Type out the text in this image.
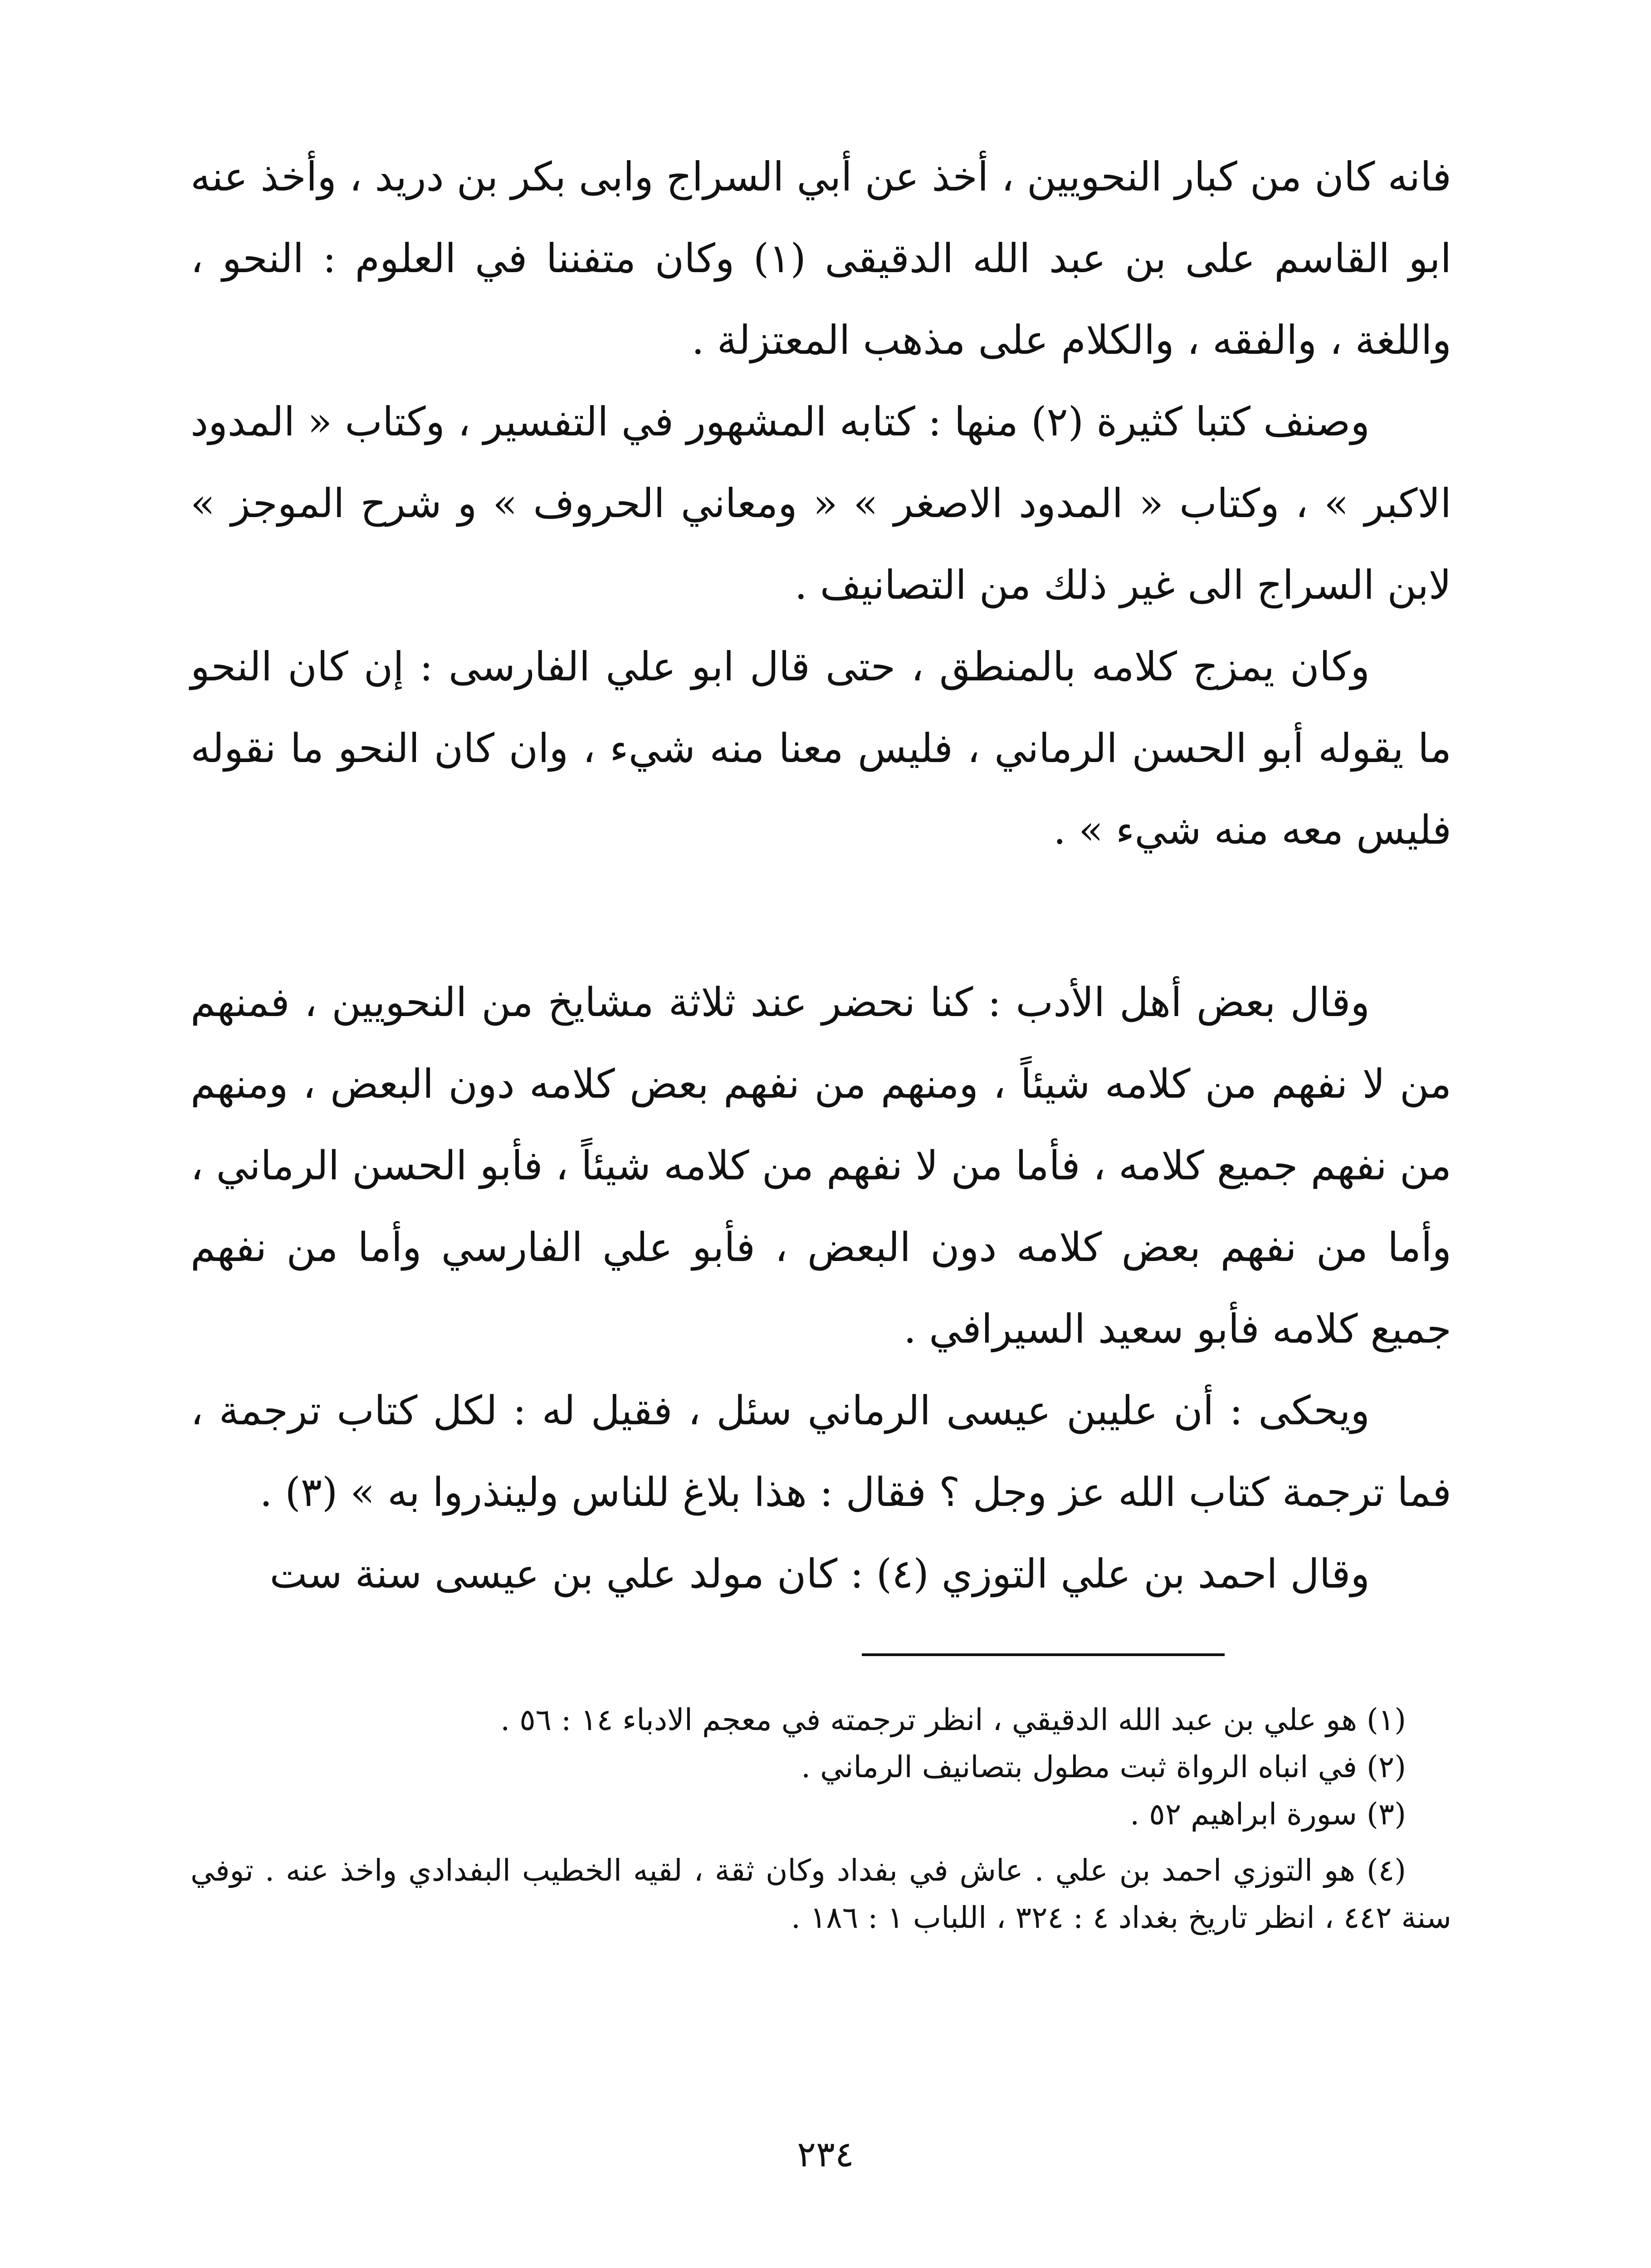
فانه كان من كبار النحويين ، أخذ عن أبي السراج وابى بكر بن دريد ، وأخذ عنه ابو القاسم على بن عبد الله الدقيقى (١) وكان متفننا في العلوم : النحو ، واللغة ، والفقه ، والكلام على مذهب المعتزلة .

وصنف كتبا كثيرة (٢) منها : كتابه المشهور في التفسير ، وكتاب « المدود الاكبر » ، وكتاب « المدود الاصغر » « ومعاني الحروف » و شرح الموجز » لابن السراج الى غير ذلك من التصانيف .

وكان يمزج كلامه بالمنطق ، حتى قال ابو علي الفارسى : إن كان النحو ما يقوله أبو الحسن الرماني ، فليس معنا منه شيء ، وان كان النحو ما نقوله فليس معه منه شيء » .

وقال بعض أهل الأدب : كنا نحضر عند ثلاثة مشايخ من النحويين ، فمنهم من لا نفهم من كلامه شيئاً ، ومنهم من نفهم بعض كلامه دون البعض ، ومنهم من نفهم جميع كلامه ، فأما من لا نفهم من كلامه شيئاً ، فأبو الحسن الرماني ، وأما من نفهم بعض كلامه دون البعض ، فأبو علي الفارسي وأما من نفهم جميع كلامه فأبو سعيد السيرافي .

ويحكى : أن عليبن عيسى الرماني سئل ، فقيل له : لكل كتاب ترجمة ، فما ترجمة كتاب الله عز وجل ؟ فقال : هذا بلاغ للناس ولينذروا به » (٣) .

وقال احمد بن علي التوزي (٤) : كان مولد علي بن عيسى سنة ست

(١) هو علي بن عبد الله الدقيقي ، انظر ترجمته في معجم الادباء ١٤ : ٥٦ .

(٢) في انباه الرواة ثبت مطول بتصانيف الرماني .

(٣) سورة ابراهيم ٥٢ .

(٤) هو التوزي احمد بن علي . عاش في بفداد وكان ثقة ، لقيه الخطيب البفدادي واخذ عنه . توفي سنة ٤٤٢ ، انظر تاريخ بغداد ٤ : ٣٢٤ ، اللباب ١ : ١٨٦ .

٢٣٤
